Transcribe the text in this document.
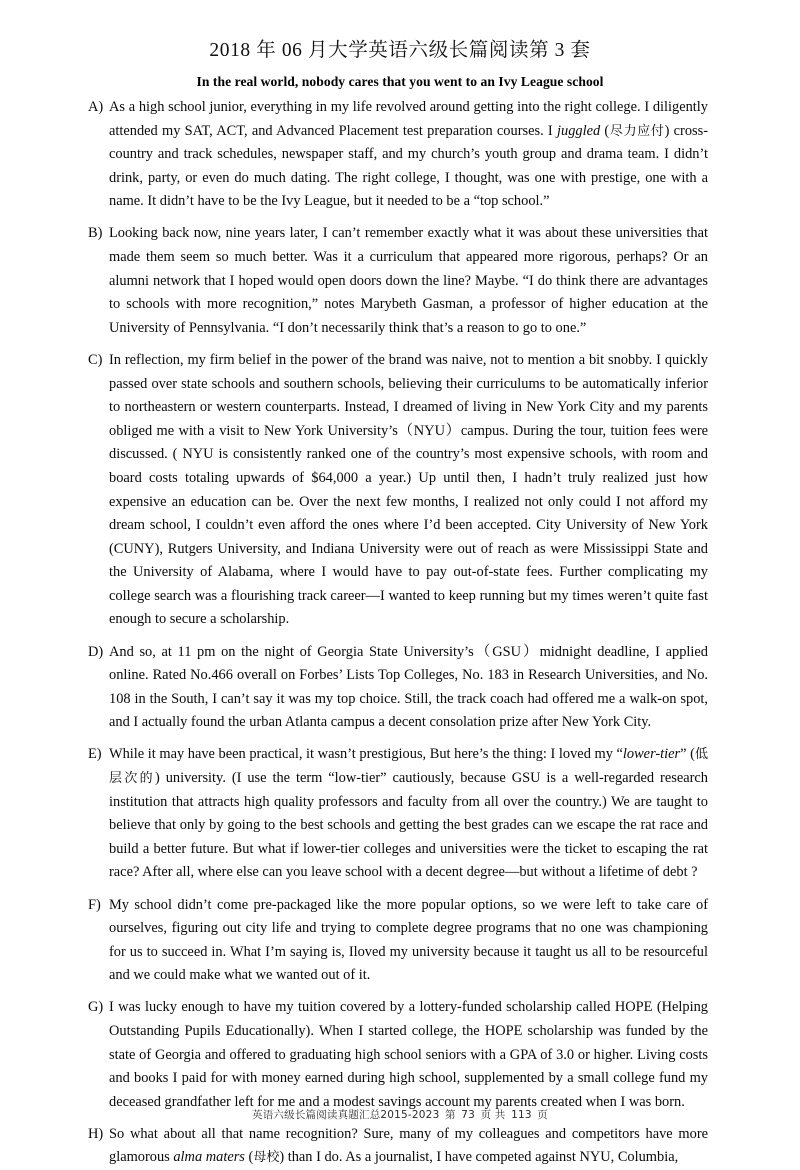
2018 年 06 月大学英语六级长篇阅读第 3 套
In the real world, nobody cares that you went to an Ivy League school
A) As a high school junior, everything in my life revolved around getting into the right college. I diligently attended my SAT, ACT, and Advanced Placement test preparation courses. I juggled (尽力应付) cross- country and track schedules, newspaper staff, and my church’s youth group and drama team. I didn’t drink, party, or even do much dating. The right college, I thought, was one with prestige, one with a name. It didn’t have to be the Ivy League, but it needed to be a “top school.”
B) Looking back now, nine years later, I can’t remember exactly what it was about these universities that made them seem so much better. Was it a curriculum that appeared more rigorous, perhaps? Or an alumni network that I hoped would open doors down the line? Maybe. “I do think there are advantages to schools with more recognition,” notes Marybeth Gasman, a professor of higher education at the University of Pennsylvania. “I don’t necessarily think that’s a reason to go to one.”
C) In reflection, my firm belief in the power of the brand was naive, not to mention a bit snobby. I quickly passed over state schools and southern schools, believing their curriculums to be automatically inferior to northeastern or western counterparts. Instead, I dreamed of living in New York City and my parents obliged me with a visit to New York University’s（NYU）campus. During the tour, tuition fees were discussed. ( NYU is consistently ranked one of the country’s most expensive schools, with room and board costs totaling upwards of $64,000 a year.) Up until then, I hadn’t truly realized just how expensive an education can be. Over the next few months, I realized not only could I not afford my dream school, I couldn’t even afford the ones where I’d been accepted. City University of New York (CUNY), Rutgers University, and Indiana University were out of reach as were Mississippi State and the University of Alabama, where I would have to pay out-of-state fees. Further complicating my college search was a flourishing track career—I wanted to keep running but my times weren’t quite fast enough to secure a scholarship.
D) And so, at 11 pm on the night of Georgia State University’s（GSU）midnight deadline, I applied online. Rated No.466 overall on Forbes’ Lists Top Colleges, No. 183 in Research Universities, and No. 108 in the South, I can’t say it was my top choice. Still, the track coach had offered me a walk-on spot, and I actually found the urban Atlanta campus a decent consolation prize after New York City.
E) While it may have been practical, it wasn’t prestigious, But here’s the thing: I loved my “lower-tier” (低层次的) university. (I use the term “low-tier” cautiously, because GSU is a well-regarded research institution that attracts high quality professors and faculty from all over the country.) We are taught to believe that only by going to the best schools and getting the best grades can we escape the rat race and build a better future. But what if lower-tier colleges and universities were the ticket to escaping the rat race? After all, where else can you leave school with a decent degree—but without a lifetime of debt ?
F) My school didn’t come pre-packaged like the more popular options, so we were left to take care of ourselves, figuring out city life and trying to complete degree programs that no one was championing for us to succeed in. What I’m saying is, Iloved my university because it taught us all to be resourceful and we could make what we wanted out of it.
G) I was lucky enough to have my tuition covered by a lottery-funded scholarship called HOPE (Helping Outstanding Pupils Educationally). When I started college, the HOPE scholarship was funded by the state of Georgia and offered to graduating high school seniors with a GPA of 3.0 or higher. Living costs and books I paid for with money earned during high school, supplemented by a small college fund my deceased grandfather left for me and a modest savings account my parents created when I was born.
H) So what about all that name recognition? Sure, many of my colleagues and competitors have more glamorous alma maters (母校) than I do. As a journalist, I have competed against NYU, Columbia,
英语六级长篇阅读真题汇总2015-2023 第 73 页 共 113 页
